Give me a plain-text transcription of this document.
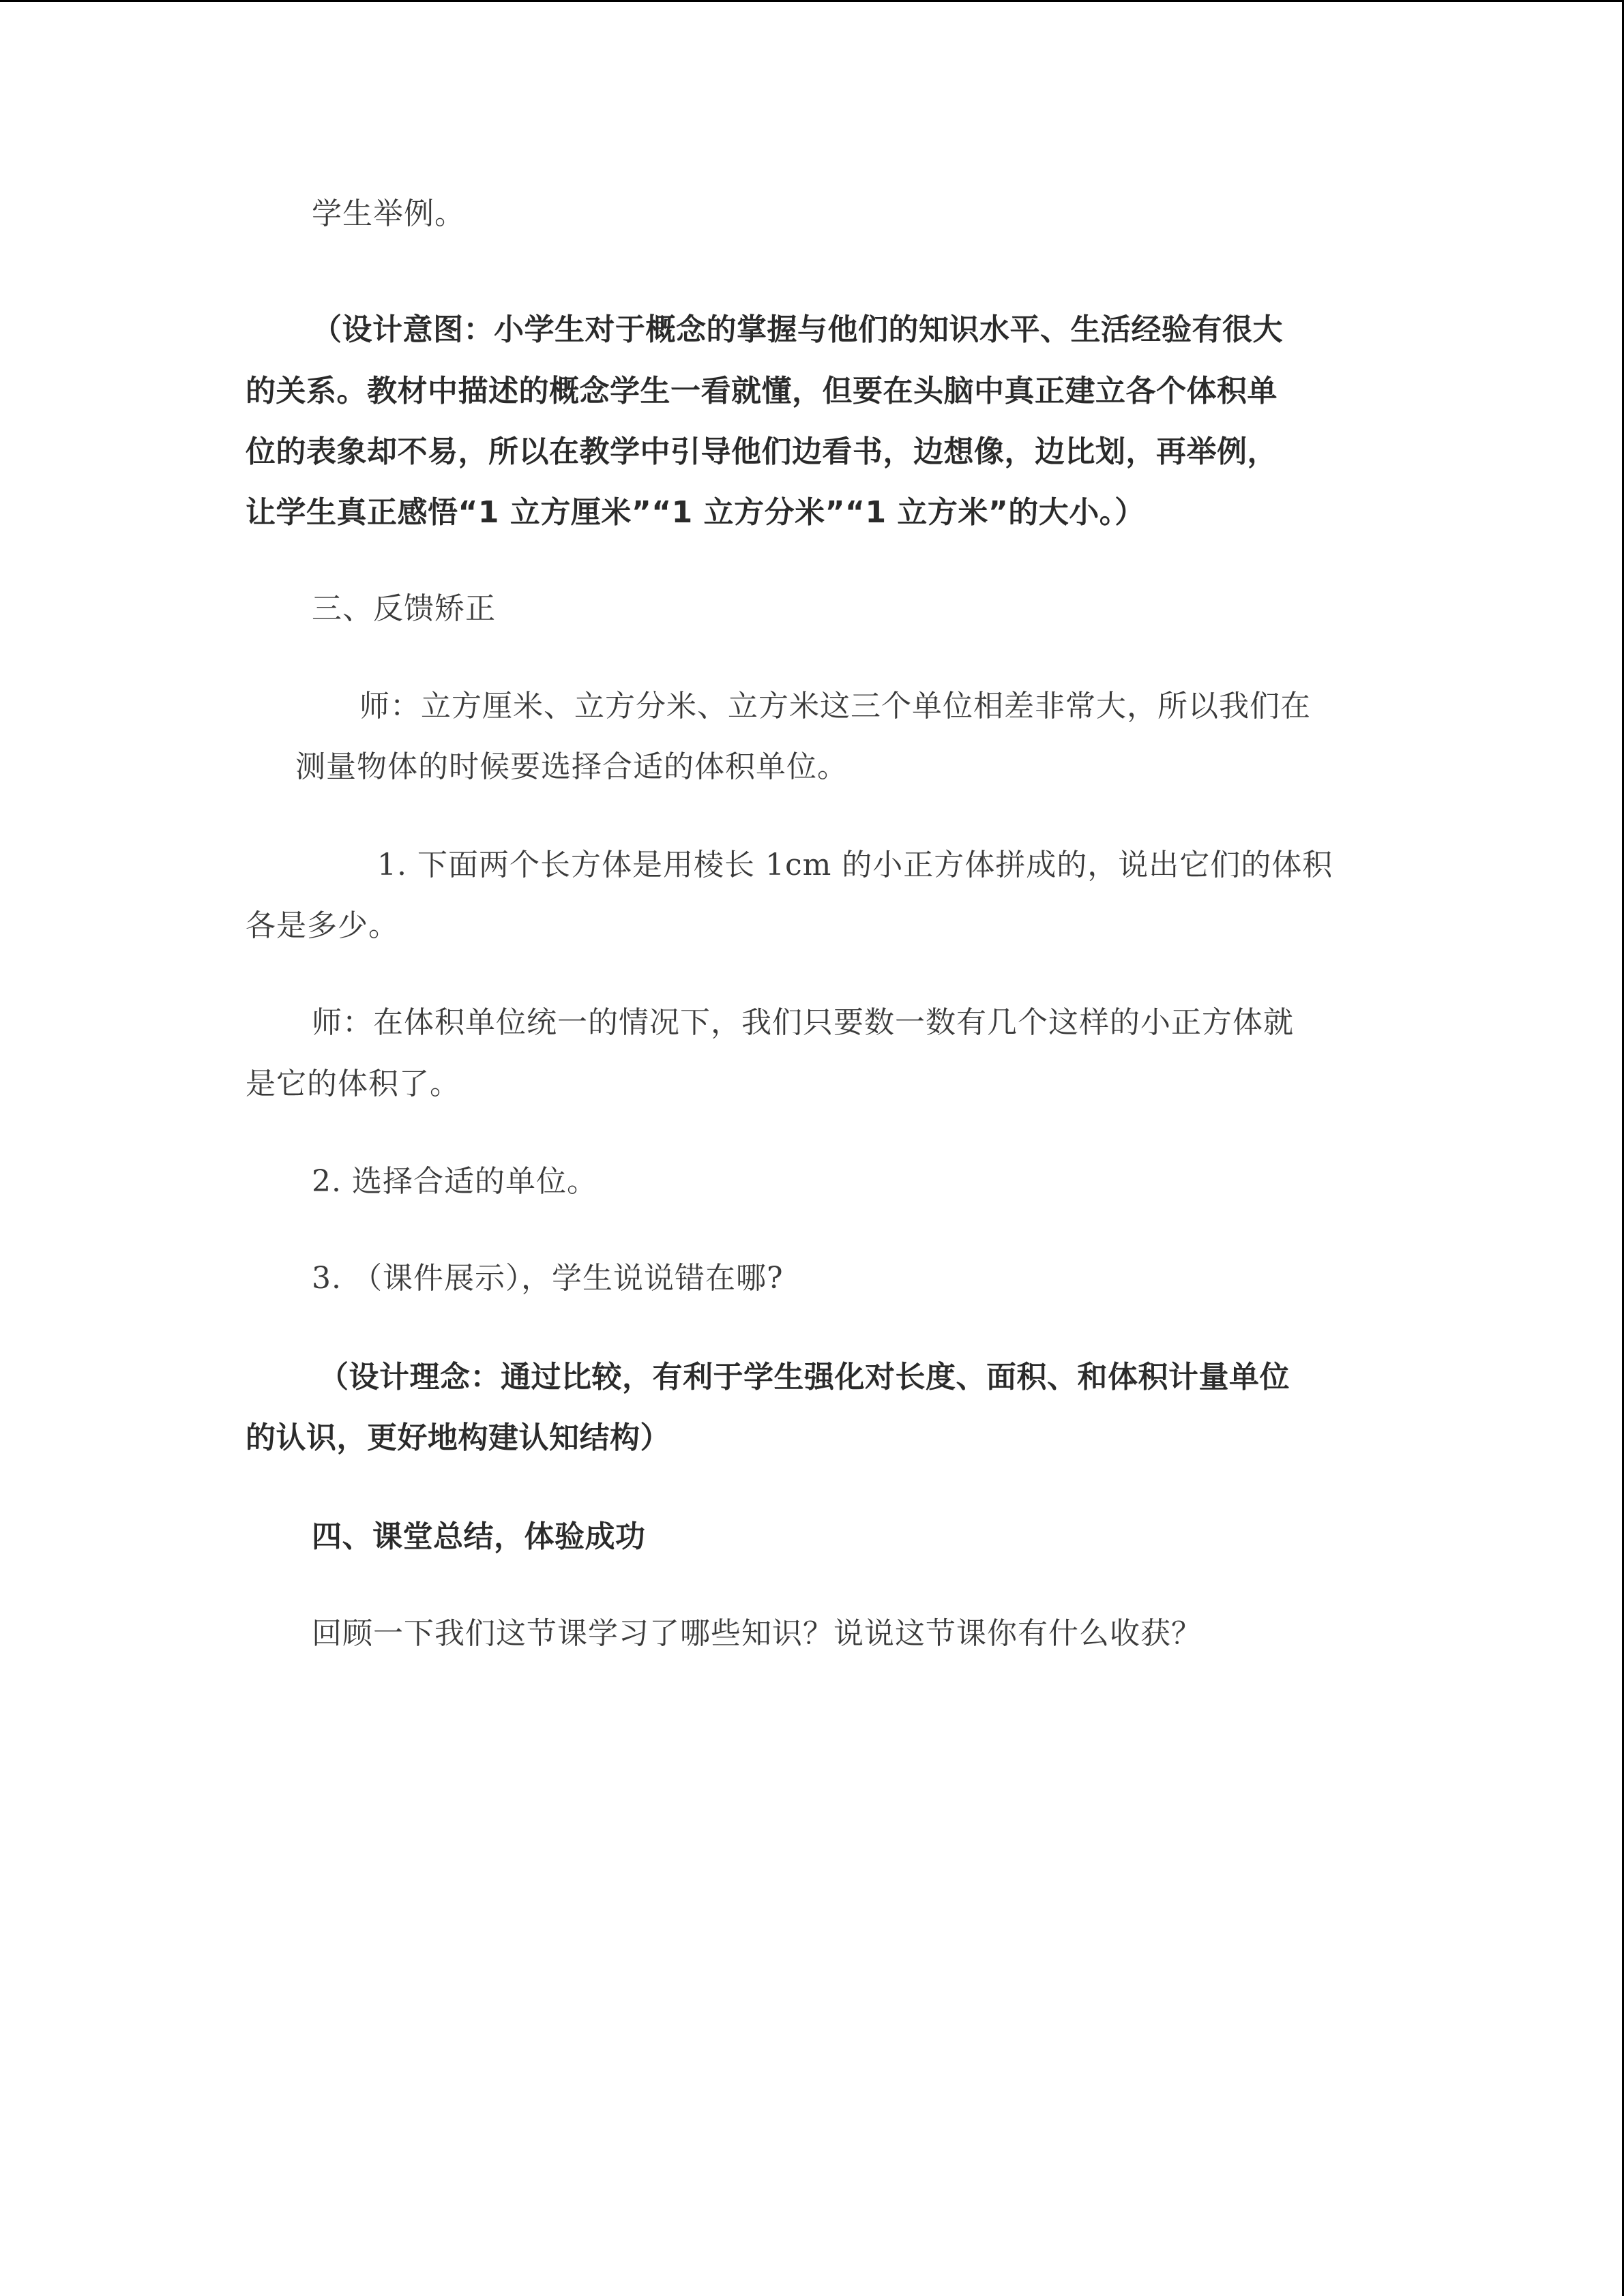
学生举例。
（设计意图：小学生对于概念的掌握与他们的知识水平、生活经验有很大
的关系。教材中描述的概念学生一看就懂，但要在头脑中真正建立各个体积单
位的表象却不易，所以在教学中引导他们边看书，边想像，边比划，再举例，
让学生真正感悟“1 立方厘米”“1 立方分米”“1 立方米”的大小。）
三、反馈矫正
师：立方厘米、立方分米、立方米这三个单位相差非常大，所以我们在
测量物体的时候要选择合适的体积单位。
1. 下面两个长方体是用棱长 1cm 的小正方体拼成的，说出它们的体积
各是多少。
师：在体积单位统一的情况下，我们只要数一数有几个这样的小正方体就
是它的体积了。
2. 选择合适的单位。
3. （课件展示），学生说说错在哪?
（设计理念：通过比较，有利于学生强化对长度、面积、和体积计量单位
的认识，更好地构建认知结构）
四、课堂总结，体验成功
回顾一下我们这节课学习了哪些知识？说说这节课你有什么收获？
